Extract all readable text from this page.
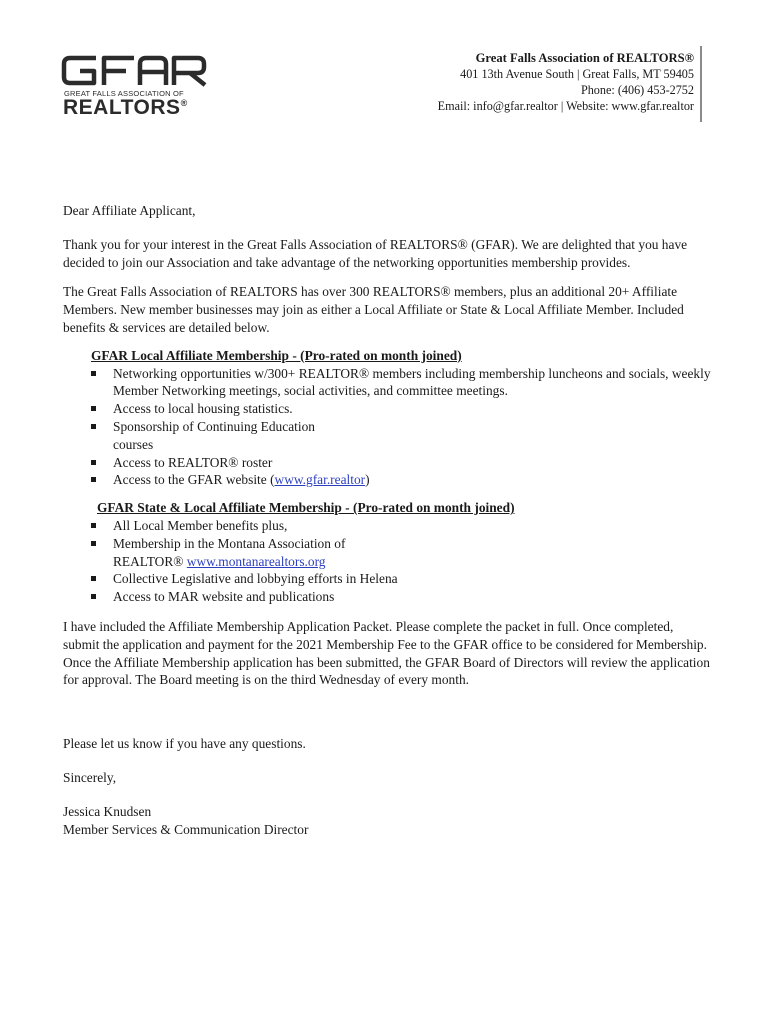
GREAT FALLS ASSOCIATION OF
REALTORS®
Great Falls Association of REALTORS®
401 13th Avenue South | Great Falls, MT 59405
Phone: (406) 453-2752
Email: info@gfar.realtor | Website: www.gfar.realtor

Dear Affiliate Applicant,

Thank you for your interest in the Great Falls Association of REALTORS® (GFAR). We are delighted that you have decided to join our Association and take advantage of the networking opportunities membership provides.

The Great Falls Association of REALTORS has over 300 REALTORS® members, plus an additional 20+ Affiliate Members. New member businesses may join as either a Local Affiliate or State & Local Affiliate Member. Included benefits & services are detailed below.

GFAR Local Affiliate Membership - (Pro-rated on month joined)
Networking opportunities w/300+ REALTOR® members including membership luncheons and socials, weekly Member Networking meetings, social activities, and committee meetings.
Access to local housing statistics.
Sponsorship of Continuing Education
courses
Access to REALTOR® roster
Access to the GFAR website (www.gfar.realtor)
GFAR State & Local Affiliate Membership - (Pro-rated on month joined)
All Local Member benefits plus,
Membership in the Montana Association of
REALTOR® www.montanarealtors.org
Collective Legislative and lobbying efforts in Helena
Access to MAR website and publications

I have included the Affiliate Membership Application Packet. Please complete the packet in full. Once completed, submit the application and payment for the 2021 Membership Fee to the GFAR office to be considered for Membership. Once the Affiliate Membership application has been submitted, the GFAR Board of Directors will review the application for approval. The Board meeting is on the third Wednesday of every month.

Please let us know if you have any questions.

Sincerely,

Jessica Knudsen

Member Services & Communication Director
